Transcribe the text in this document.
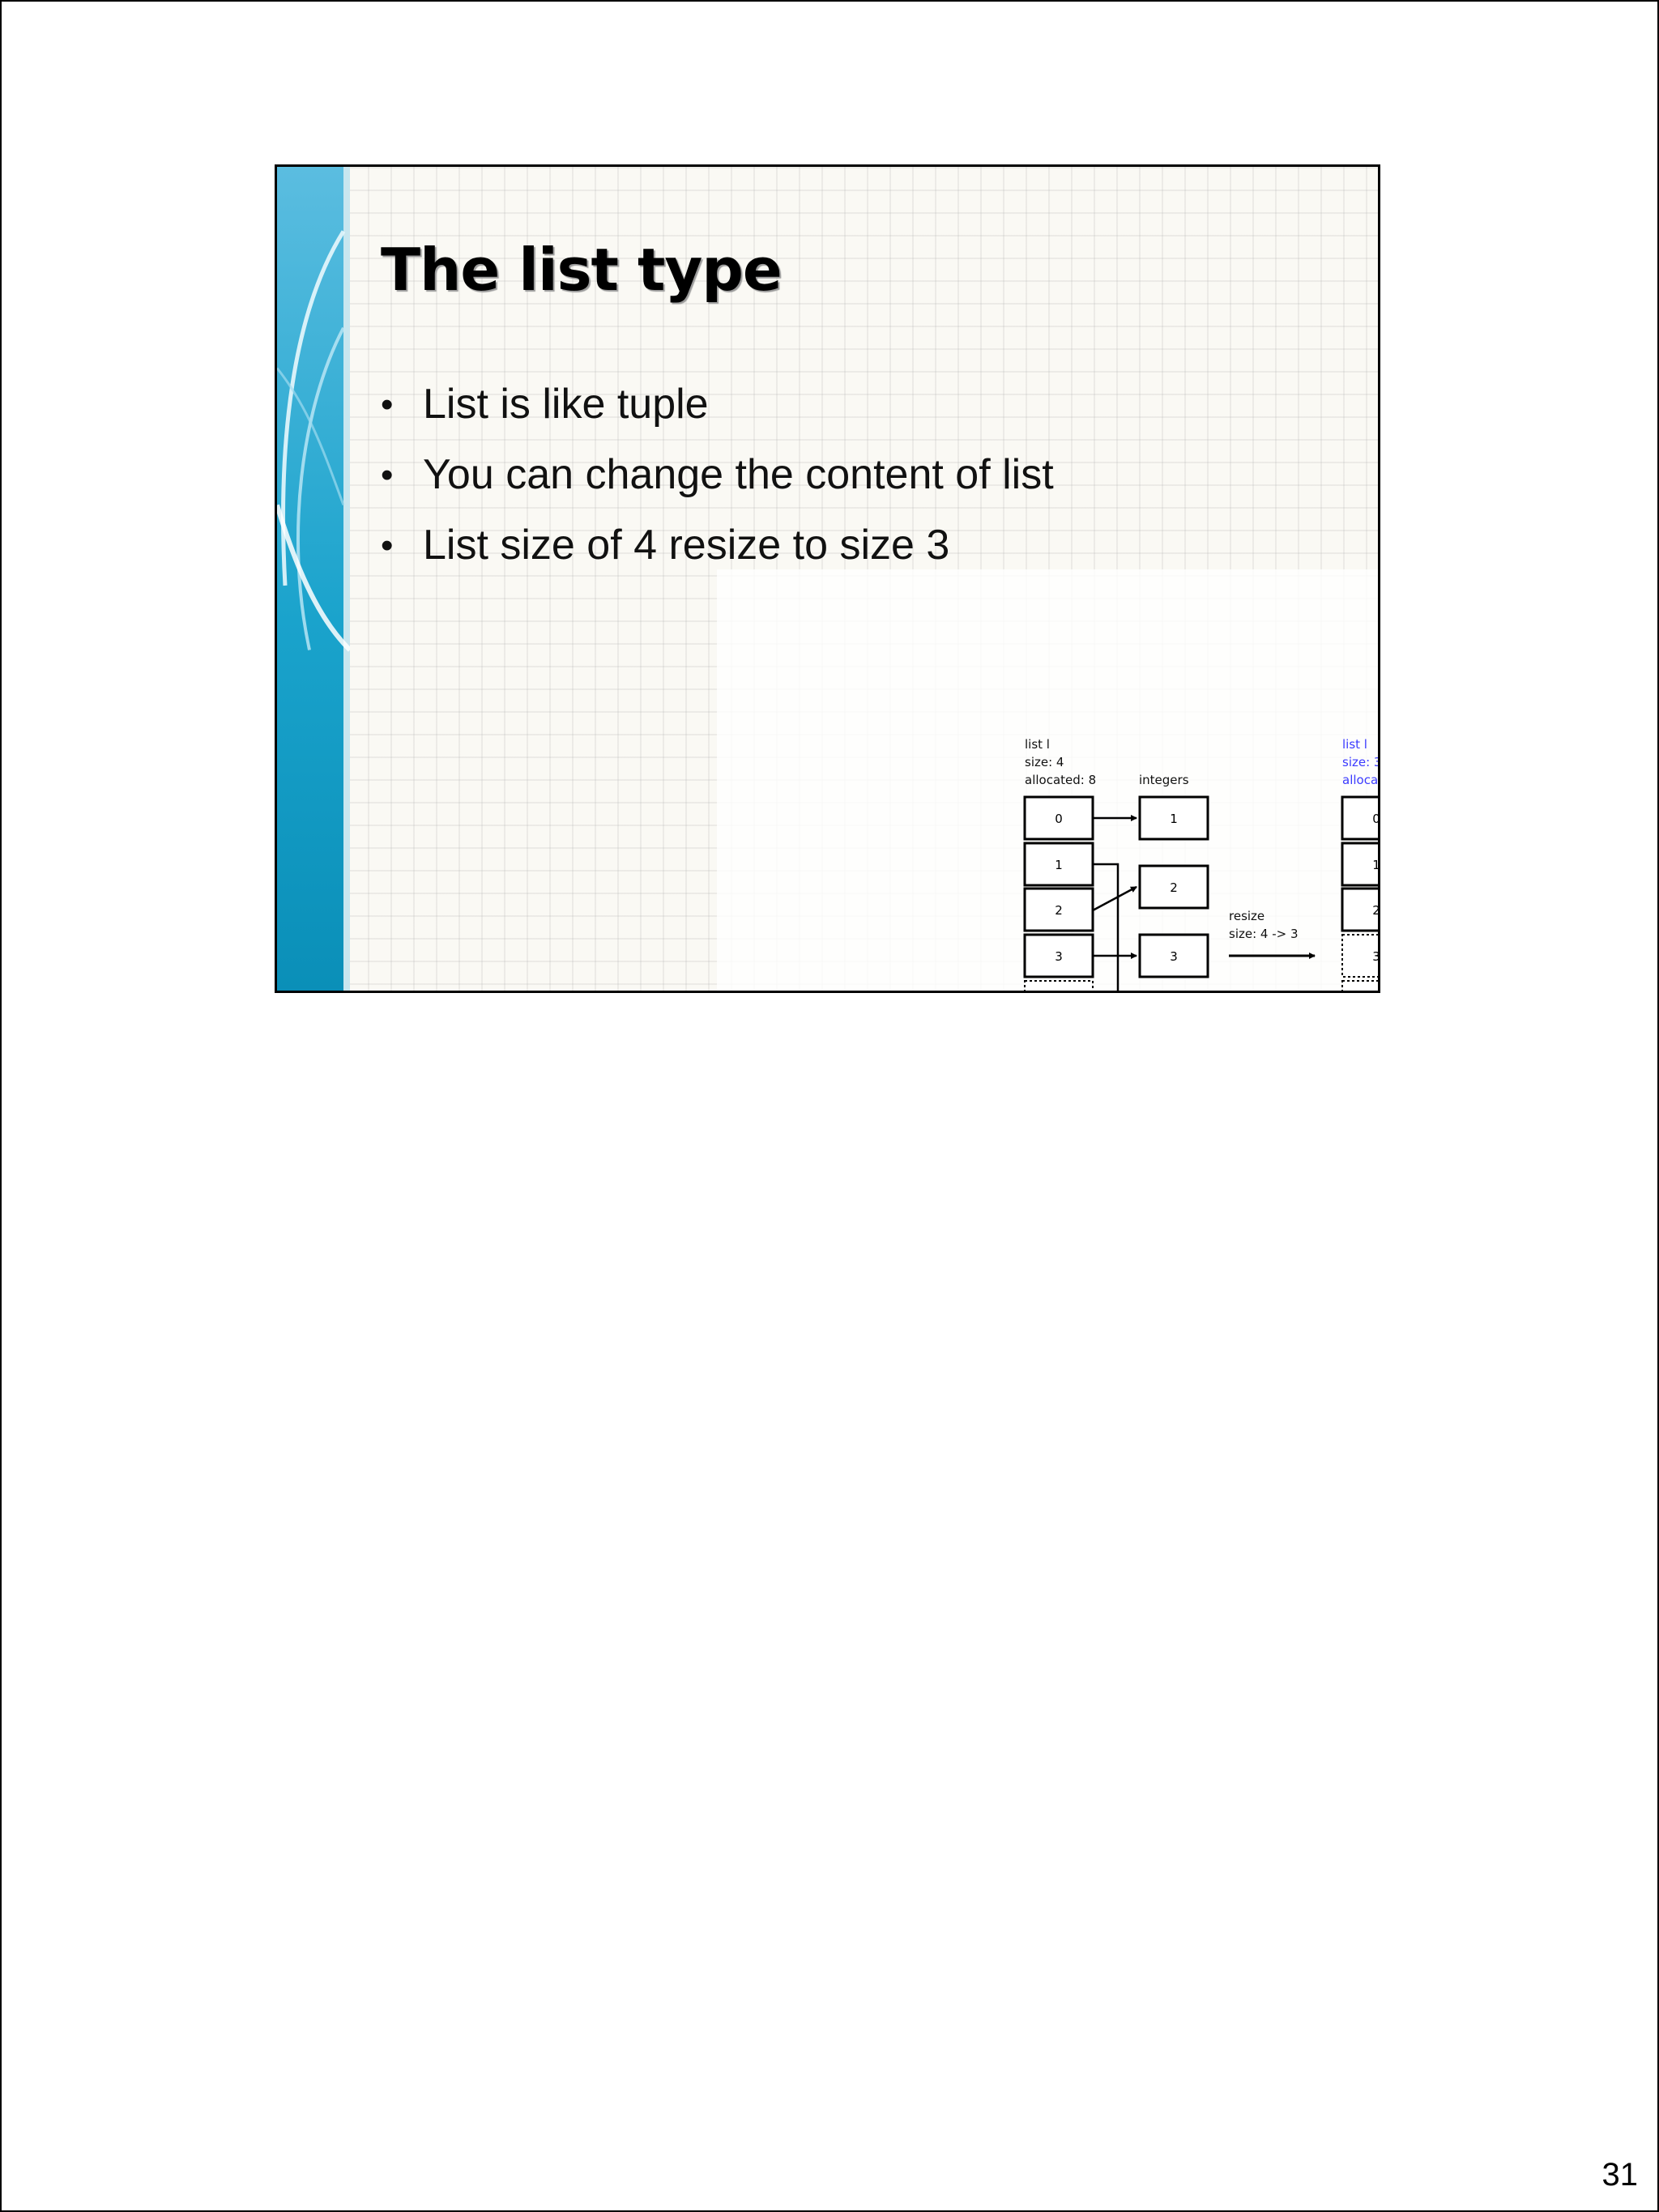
The list type
• List is like tuple
• You can change the content of list
• List size of 4 resize to size 3
list l
size: 4
allocated: 8	integers
0
1
2
3
4
5
1
2
3
4
resize
size: 4 -> 3
list l
size: 3
allocated: 6	integers
0
1
2
3
4
5
1
2
3
4
return element
31
